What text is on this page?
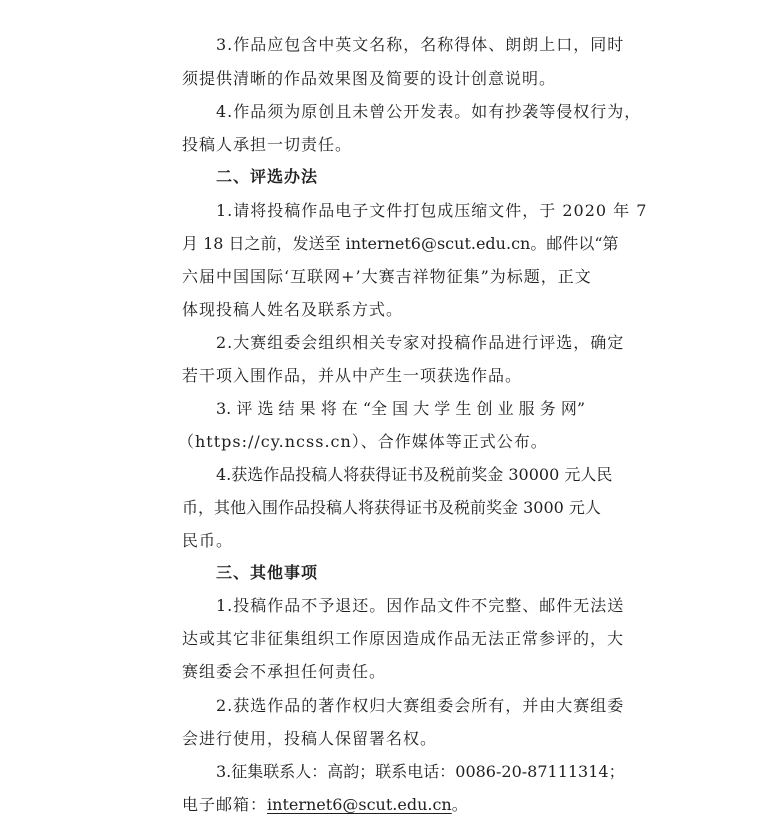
3.作品应包含中英文名称，名称得体、朗朗上口，同时
须提供清晰的作品效果图及简要的设计创意说明。
4.作品须为原创且未曾公开发表。如有抄袭等侵权行为，
投稿人承担一切责任。
二、评选办法
1.请将投稿作品电子文件打包成压缩文件，于 2020 年 7
月 18 日之前，发送至 internet6@scut.edu.cn。邮件以“第
六届中国国际‘互联网+’大赛吉祥物征集”为标题，正文
体现投稿人姓名及联系方式。
2.大赛组委会组织相关专家对投稿作品进行评选，确定
若干项入围作品，并从中产生一项获选作品。
3. 评 选 结 果 将 在 “全 国 大 学 生 创 业 服 务 网”
（https://cy.ncss.cn）、合作媒体等正式公布。
4.获选作品投稿人将获得证书及税前奖金 30000 元人民
币，其他入围作品投稿人将获得证书及税前奖金 3000 元人
民币。
三、其他事项
1.投稿作品不予退还。因作品文件不完整、邮件无法送
达或其它非征集组织工作原因造成作品无法正常参评的，大
赛组委会不承担任何责任。
2.获选作品的著作权归大赛组委会所有，并由大赛组委
会进行使用，投稿人保留署名权。
3.征集联系人：高韵；联系电话：0086-20-87111314；
电子邮箱：internet6@scut.edu.cn。
